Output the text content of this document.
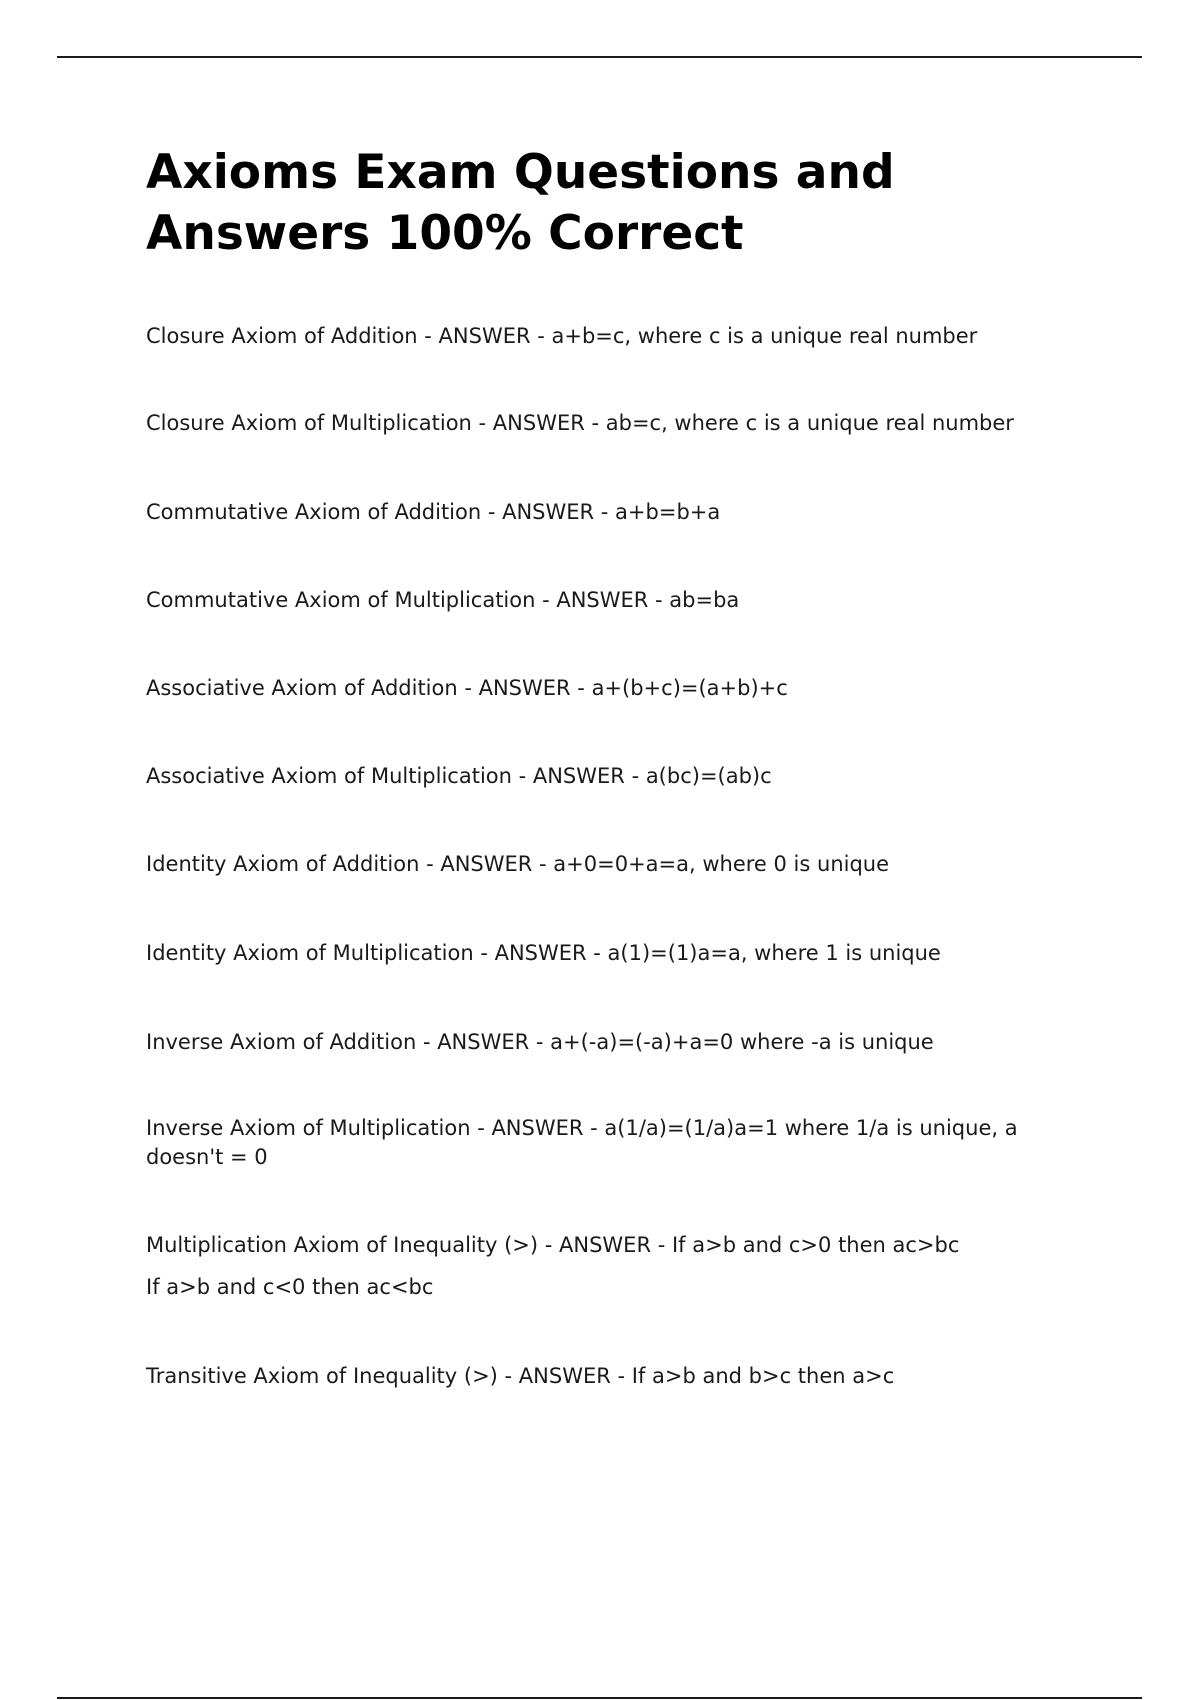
Axioms Exam Questions and
Answers 100% Correct
Closure Axiom of Addition - ANSWER - a+b=c, where c is a unique real number
Closure Axiom of Multiplication - ANSWER - ab=c, where c is a unique real number
Commutative Axiom of Addition - ANSWER - a+b=b+a
Commutative Axiom of Multiplication - ANSWER - ab=ba
Associative Axiom of Addition - ANSWER - a+(b+c)=(a+b)+c
Associative Axiom of Multiplication - ANSWER - a(bc)=(ab)c
Identity Axiom of Addition - ANSWER - a+0=0+a=a, where 0 is unique
Identity Axiom of Multiplication - ANSWER - a(1)=(1)a=a, where 1 is unique
Inverse Axiom of Addition - ANSWER - a+(-a)=(-a)+a=0 where -a is unique
Inverse Axiom of Multiplication - ANSWER - a(1/a)=(1/a)a=1 where 1/a is unique, a doesn't = 0
Multiplication Axiom of Inequality (>) - ANSWER - If a>b and c>0 then ac>bc
If a>b and c<0 then ac<bc
Transitive Axiom of Inequality (>) - ANSWER - If a>b and b>c then a>c
